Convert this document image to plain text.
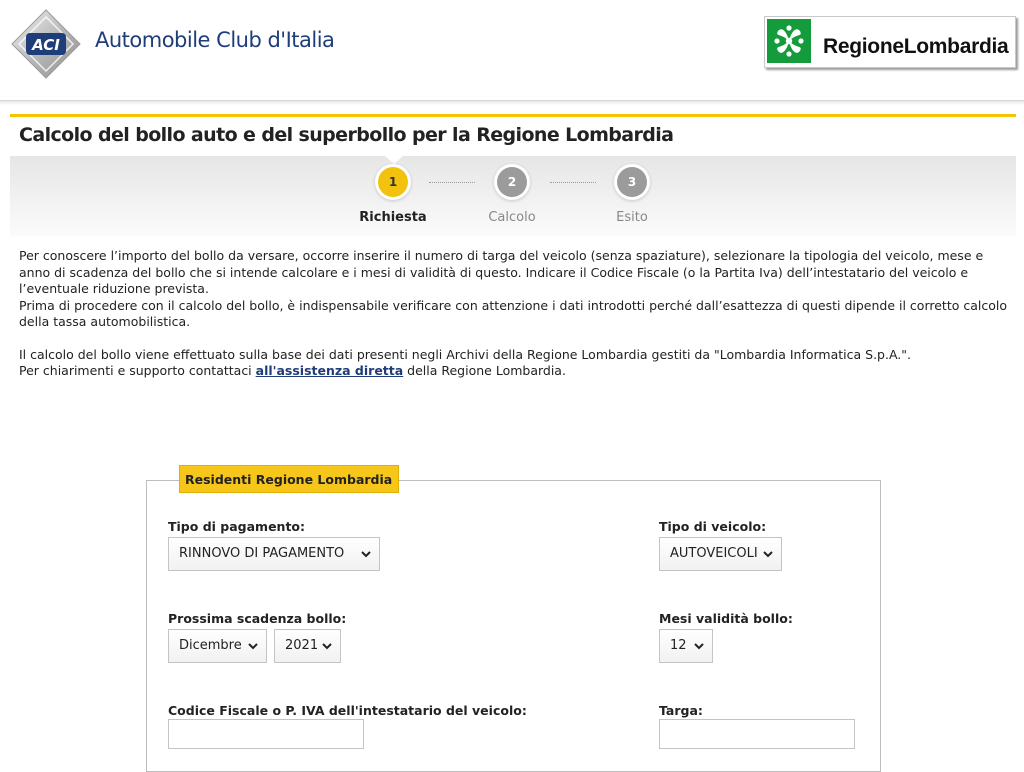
ACI Automobile Club d'Italia	RegioneLombardia
Calcolo del bollo auto e del superbollo per la Regione Lombardia
1	2	3
Richiesta	Calcolo	Esito

Per conoscere l’importo del bollo da versare, occorre inserire il numero di targa del veicolo (senza spaziature), selezionare la tipologia del veicolo, mese e anno di scadenza del bollo che si intende calcolare e i mesi di validità di questo. Indicare il Codice Fiscale (o la Partita Iva) dell’intestatario del veicolo e l’eventuale riduzione prevista.

Prima di procedere con il calcolo del bollo, è indispensabile verificare con attenzione i dati introdotti perché dall’esattezza di questi dipende il corretto calcolo della tassa automobilistica.

Il calcolo del bollo viene effettuato sulla base dei dati presenti negli Archivi della Regione Lombardia gestiti da "Lombardia Informatica S.p.A.".

Per chiarimenti e supporto contattaci all'assistenza diretta della Regione Lombardia.

Residenti Regione Lombardia
Tipo di pagamento:
RINNOVO DI PAGAMENTO
Tipo di veicolo:
AUTOVEICOLI
Prossima scadenza bollo:
Dicembre	2021
Mesi validità bollo:
12
Codice Fiscale o P. IVA dell'intestatario del veicolo:	Targa:
